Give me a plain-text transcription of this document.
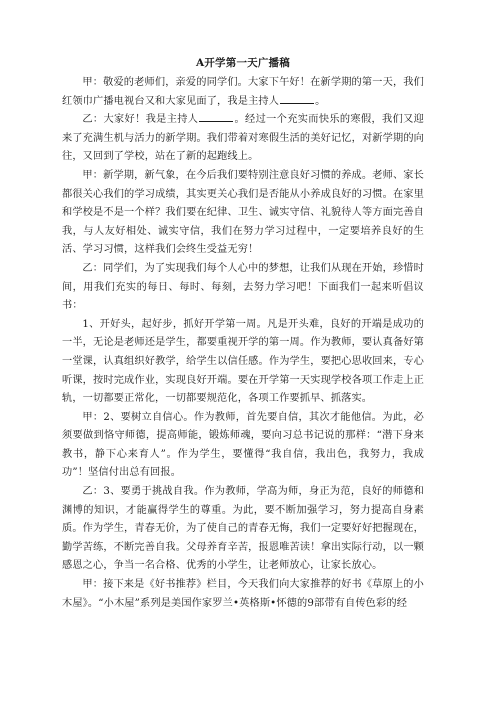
A开学第一天广播稿

甲：敬爱的老师们，亲爱的同学们。大家下午好！在新学期的第一天，我们红领巾广播电视台又和大家见面了，我是主持人	。

乙：大家好！我是主持人	。经过一个充实而快乐的寒假，我们又迎来了充满生机与活力的新学期。我们带着对寒假生活的美好记忆，对新学期的向往，又回到了学校，站在了新的起跑线上。

甲：新学期，新气象，在今后我们要特别注意良好习惯的养成。老师、家长都很关心我们的学习成绩，其实更关心我们是否能从小养成良好的习惯。在家里和学校是不是一个样？我们要在纪律、卫生、诚实守信、礼貌待人等方面完善自我，与人友好相处、诚实守信，我们在努力学习过程中，一定要培养良好的生活、学习习惯，这样我们会终生受益无穷！

乙：同学们，为了实现我们每个人心中的梦想，让我们从现在开始，珍惜时间，用我们充实的每日、每时、每刻，去努力学习吧！下面我们一起来听倡议书：

1、开好头，起好步，抓好开学第一周。凡是开头难，良好的开端是成功的一半，无论是老师还是学生，都要重视开学的第一周。作为教师，要认真备好第一堂课，认真组织好教学，给学生以信任感。作为学生，要把心思收回来，专心听课，按时完成作业，实现良好开端。要在开学第一天实现学校各项工作走上正轨，一切都要正常化，一切都要规范化，各项工作要抓早、抓落实。

甲：2、要树立自信心。作为教师，首先要自信，其次才能他信。为此，必须要做到恪守师德，提高师能，锻炼师魂，要向习总书记说的那样：“潜下身来教书，静下心来育人”。作为学生，要懂得“我自信，我出色，我努力，我成功”！坚信付出总有回报。

乙：3、要勇于挑战自我。作为教师，学高为师，身正为范，良好的师德和渊博的知识，才能赢得学生的尊重。为此，要不断加强学习，努力提高自身素质。作为学生，青春无价，为了使自己的青春无悔，我们一定要好好把握现在，勤学苦练，不断完善自我。父母养育辛苦，报恩唯苦读！拿出实际行动，以一颗感恩之心，争当一名合格、优秀的小学生，让老师放心，让家长放心。

甲：接下来是《好书推荐》栏目，今天我们向大家推荐的好书《草原上的小木屋》。“小木屋”系列是美国作家罗兰•英格斯•怀德的9部带有自传色彩的经
